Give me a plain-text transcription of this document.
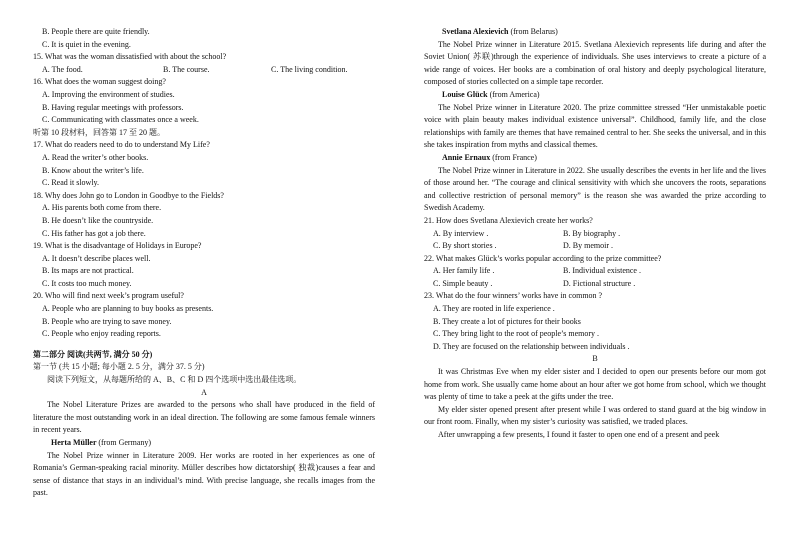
B. People there are quite friendly.
C. It is quiet in the evening.
15. What was the woman dissatisfied with about the school?
A. The food.	B. The course.	C. The living condition.
16. What does the woman suggest doing?
A. Improving the environment of studies.
B. Having regular meetings with professors.
C. Communicating with classmates once a week.
听第 10 段材料，回答第 17 至 20 题。
17. What do readers need to do to understand My Life?
A. Read the writer’s other books.
B. Know about the writer’s life.
C. Read it slowly.
18. Why does John go to London in Goodbye to the Fields?
A. His parents both come from there.
B. He doesn’t like the countryside.
C. His father has got a job there.
19. What is the disadvantage of Holidays in Europe?
A. It doesn’t describe places well.
B. Its maps are not practical.
C. It costs too much money.
20. Who will find next week’s program useful?
A. People who are planning to buy books as presents.
B. People who are trying to save money.
C. People who enjoy reading reports.
第二部分 阅读(共两节, 满分 50 分)
第一节 (共 15 小题; 每小题 2. 5 分，满分 37. 5 分)
阅读下列短文，从每题所给的 A、B、C 和 D 四个选项中选出最佳选项。
A
The Nobel Literature Prizes are awarded to the persons who shall have produced in the field of literature the most outstanding work in an ideal direction. The following are some famous female winners in recent years.
Herta Müller (from Germany)
The Nobel Prize winner in Literature 2009. Her works are rooted in her experiences as one of Romania’s German-speaking racial minority. Müller describes how dictatorship( 独裁)causes a fear and sense of distance that stays in an individual’s mind. With precise language, she recalls images from the past.
Svetlana Alexievich (from Belarus)
The Nobel Prize winner in Literature 2015. Svetlana Alexievich represents life during and after the Soviet Union( 苏联)through the experience of individuals. She uses interviews to create a picture of a wide range of voices. Her books are a combination of oral history and deeply psychological literature, composed of stories collected on a simple tape recorder.
Louise Glück (from America)
The Nobel Prize winner in Literature 2020. The prize committee stressed “Her unmistakable poetic voice with plain beauty makes individual existence universal”. Childhood, family life, and the close relationships with family are themes that have remained central to her. She seeks the universal, and in this she takes inspiration from myths and classical themes.
Annie Ernaux (from France)
The Nobel Prize winner in Literature in 2022. She usually describes the events in her life and the lives of those around her. “The courage and clinical sensitivity with which she uncovers the roots, separations and collective restriction of personal memory” is the reason she was awarded the prize according to Swedish Academy.
21. How does Svetlana Alexievich create her works?
A. By interview .	B. By biography .
C. By short stories .	D. By memoir .
22. What makes Glück’s works popular according to the prize committee?
A. Her family life .	B. Individual existence .
C. Simple beauty .	D. Fictional structure .
23. What do the four winners’ works have in common ?
A. They are rooted in life experience .
B. They create a lot of pictures for their books
C. They bring light to the root of people’s memory .
D. They are focused on the relationship between individuals .
B
It was Christmas Eve when my elder sister and I decided to open our presents before our mom got home from work. She usually came home about an hour after we got home from school, which we thought was plenty of time to take a peek at the gifts under the tree.
My elder sister opened present after present while I was ordered to stand guard at the big window in our front room. Finally, when my sister’s curiosity was satisfied, we traded places.
After unwrapping a few presents, I found it faster to open one end of a present and peek
